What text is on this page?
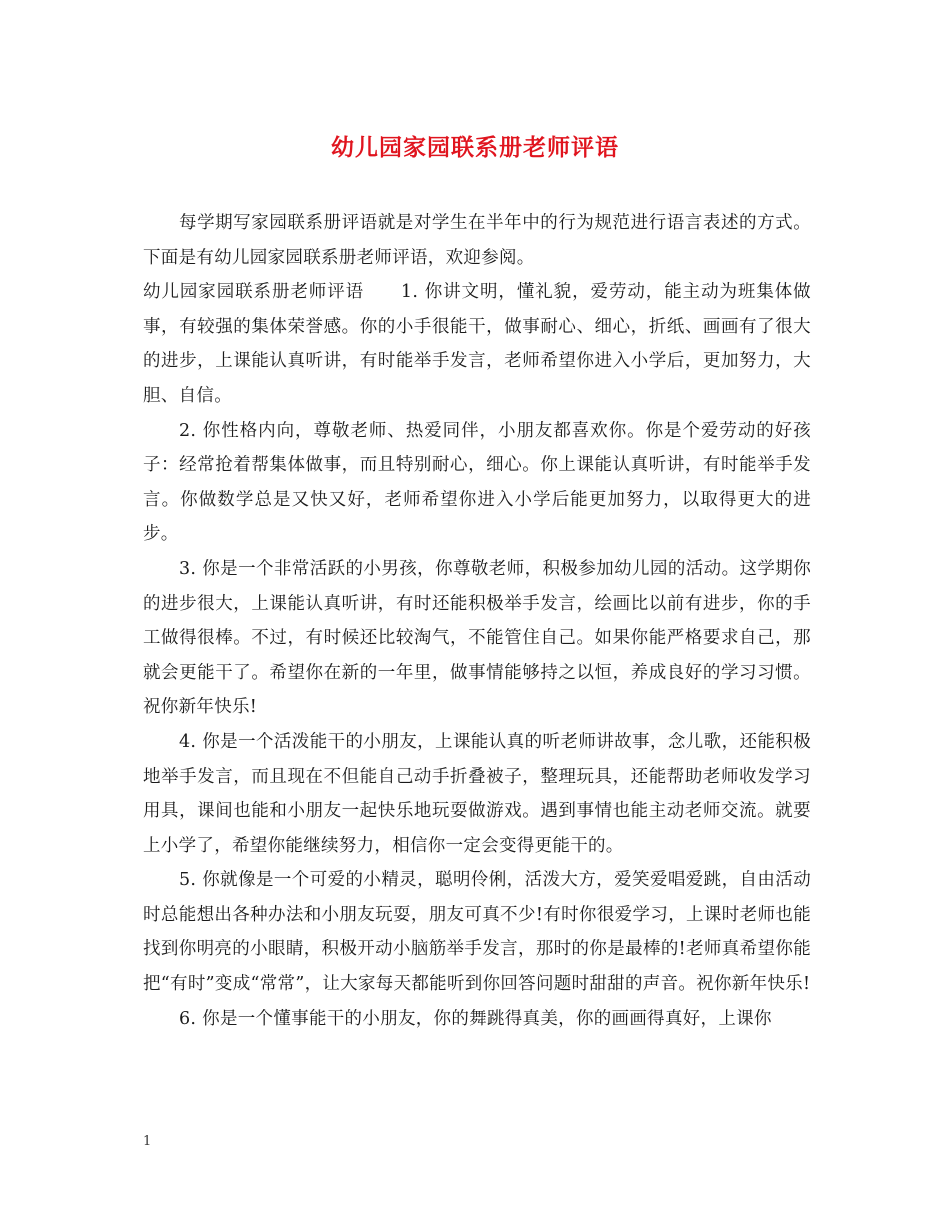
幼儿园家园联系册老师评语

每学期写家园联系册评语就是对学生在半年中的行为规范进行语言表述的方式。下面是有幼儿园家园联系册老师评语，欢迎参阅。

幼儿园家园联系册老师评语　　1. 你讲文明，懂礼貌，爱劳动，能主动为班集体做事，有较强的集体荣誉感。你的小手很能干，做事耐心、细心，折纸、画画有了很大的进步，上课能认真听讲，有时能举手发言，老师希望你进入小学后，更加努力，大胆、自信。

2. 你性格内向，尊敬老师、热爱同伴，小朋友都喜欢你。你是个爱劳动的好孩子：经常抢着帮集体做事，而且特别耐心，细心。你上课能认真听讲，有时能举手发言。你做数学总是又快又好，老师希望你进入小学后能更加努力，以取得更大的进步。

3. 你是一个非常活跃的小男孩，你尊敬老师，积极参加幼儿园的活动。这学期你的进步很大，上课能认真听讲，有时还能积极举手发言，绘画比以前有进步，你的手工做得很棒。不过，有时候还比较淘气，不能管住自己。如果你能严格要求自己，那就会更能干了。希望你在新的一年里，做事情能够持之以恒，养成良好的学习习惯。祝你新年快乐!

4. 你是一个活泼能干的小朋友，上课能认真的听老师讲故事，念儿歌，还能积极地举手发言，而且现在不但能自己动手折叠被子，整理玩具，还能帮助老师收发学习用具，课间也能和小朋友一起快乐地玩耍做游戏。遇到事情也能主动老师交流。就要上小学了，希望你能继续努力，相信你一定会变得更能干的。

5. 你就像是一个可爱的小精灵，聪明伶俐，活泼大方，爱笑爱唱爱跳，自由活动时总能想出各种办法和小朋友玩耍，朋友可真不少!有时你很爱学习，上课时老师也能找到你明亮的小眼睛，积极开动小脑筋举手发言，那时的你是最棒的!老师真希望你能把“有时”变成“常常”，让大家每天都能听到你回答问题时甜甜的声音。祝你新年快乐!

6. 你是一个懂事能干的小朋友，你的舞跳得真美，你的画画得真好，上课你

1
